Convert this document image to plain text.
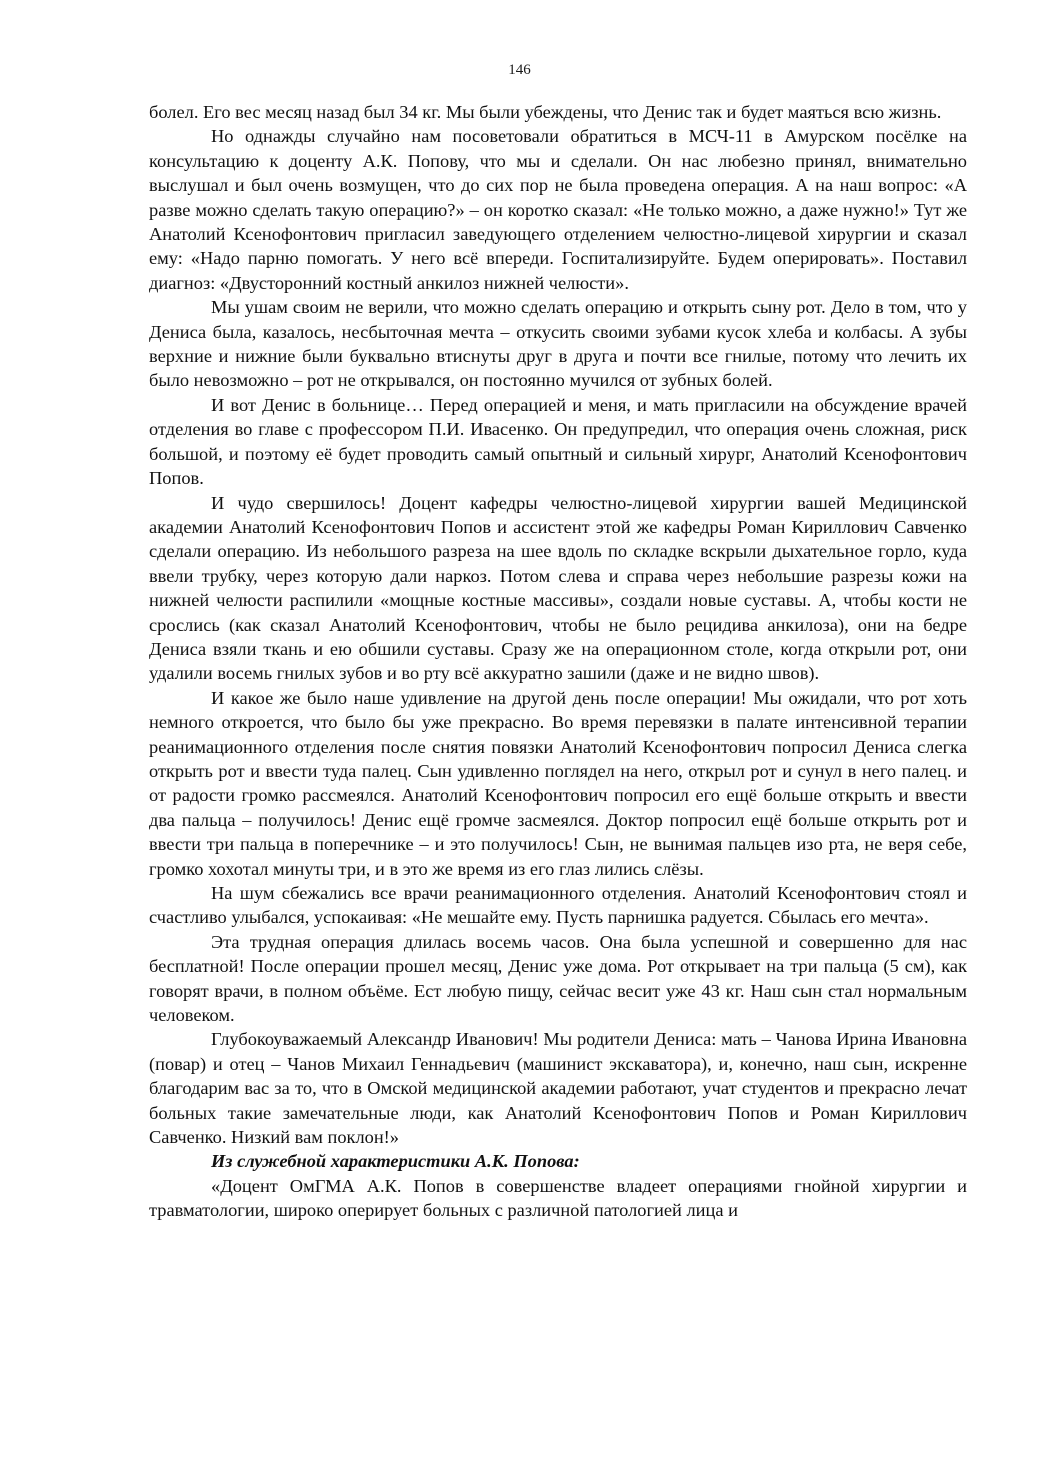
146

болел. Его вес месяц назад был 34 кг. Мы были убеждены, что Денис так и будет маяться всю жизнь.

Но однажды случайно нам посоветовали обратиться в МСЧ-11 в Амурском посёлке на консультацию к доценту А.К. Попову, что мы и сделали. Он нас любезно принял, внимательно выслушал и был очень возмущен, что до сих пор не была проведена операция. А на наш вопрос: «А разве можно сделать такую операцию?» – он коротко сказал: «Не только можно, а даже нужно!» Тут же Анатолий Ксенофонтович пригласил заведующего отделением челюстно-лицевой хирургии и сказал ему: «Надо парню помогать. У него всё впереди. Госпитализируйте. Будем оперировать». Поставил диагноз: «Двусторонний костный анкилоз нижней челюсти».

Мы ушам своим не верили, что можно сделать операцию и открыть сыну рот. Дело в том, что у Дениса была, казалось, несбыточная мечта – откусить своими зубами кусок хлеба и колбасы. А зубы верхние и нижние были буквально втиснуты друг в друга и почти все гнилые, потому что лечить их было невозможно – рот не открывался, он постоянно мучился от зубных болей.

И вот Денис в больнице… Перед операцией и меня, и мать пригласили на обсуждение врачей отделения во главе с профессором П.И. Ивасенко. Он предупредил, что операция очень сложная, риск большой, и поэтому её будет проводить самый опытный и сильный хирург, Анатолий Ксенофонтович Попов.

И чудо свершилось! Доцент кафедры челюстно-лицевой хирургии вашей Медицинской академии Анатолий Ксенофонтович Попов и ассистент этой же кафедры Роман Кириллович Савченко сделали операцию. Из небольшого разреза на шее вдоль по складке вскрыли дыхательное горло, куда ввели трубку, через которую дали наркоз. Потом слева и справа через небольшие разрезы кожи на нижней челюсти распилили «мощные костные массивы», создали новые суставы. А, чтобы кости не срослись (как сказал Анатолий Ксенофонтович, чтобы не было рецидива анкилоза), они на бедре Дениса взяли ткань и ею обшили суставы. Сразу же на операционном столе, когда открыли рот, они удалили восемь гнилых зубов и во рту всё аккуратно зашили (даже и не видно швов).

И какое же было наше удивление на другой день после операции! Мы ожидали, что рот хоть немного откроется, что было бы уже прекрасно. Во время перевязки в палате интенсивной терапии реанимационного отделения после снятия повязки Анатолий Ксенофонтович попросил Дениса слегка открыть рот и ввести туда палец. Сын удивленно поглядел на него, открыл рот и сунул в него палец. и от радости громко рассмеялся. Анатолий Ксенофонтович попросил его ещё больше открыть и ввести два пальца – получилось! Денис ещё громче засмеялся. Доктор попросил ещё больше открыть рот и ввести три пальца в поперечнике – и это получилось! Сын, не вынимая пальцев изо рта, не веря себе, громко хохотал минуты три, и в это же время из его глаз лились слёзы.

На шум сбежались все врачи реанимационного отделения. Анатолий Ксенофонтович стоял и счастливо улыбался, успокаивая: «Не мешайте ему. Пусть парнишка радуется. Сбылась его мечта».

Эта трудная операция длилась восемь часов. Она была успешной и совершенно для нас бесплатной! После операции прошел месяц, Денис уже дома. Рот открывает на три пальца (5 см), как говорят врачи, в полном объёме. Ест любую пищу, сейчас весит уже 43 кг. Наш сын стал нормальным человеком.

Глубокоуважаемый Александр Иванович! Мы родители Дениса: мать – Чанова Ирина Ивановна (повар) и отец – Чанов Михаил Геннадьевич (машинист экскаватора), и, конечно, наш сын, искренне благодарим вас за то, что в Омской медицинской академии работают, учат студентов и прекрасно лечат больных такие замечательные люди, как Анатолий Ксенофонтович Попов и Роман Кириллович Савченко. Низкий вам поклон!»

Из служебной характеристики А.К. Попова:

«Доцент ОмГМА А.К. Попов в совершенстве владеет операциями гнойной хирургии и травматологии, широко оперирует больных с различной патологией лица и
